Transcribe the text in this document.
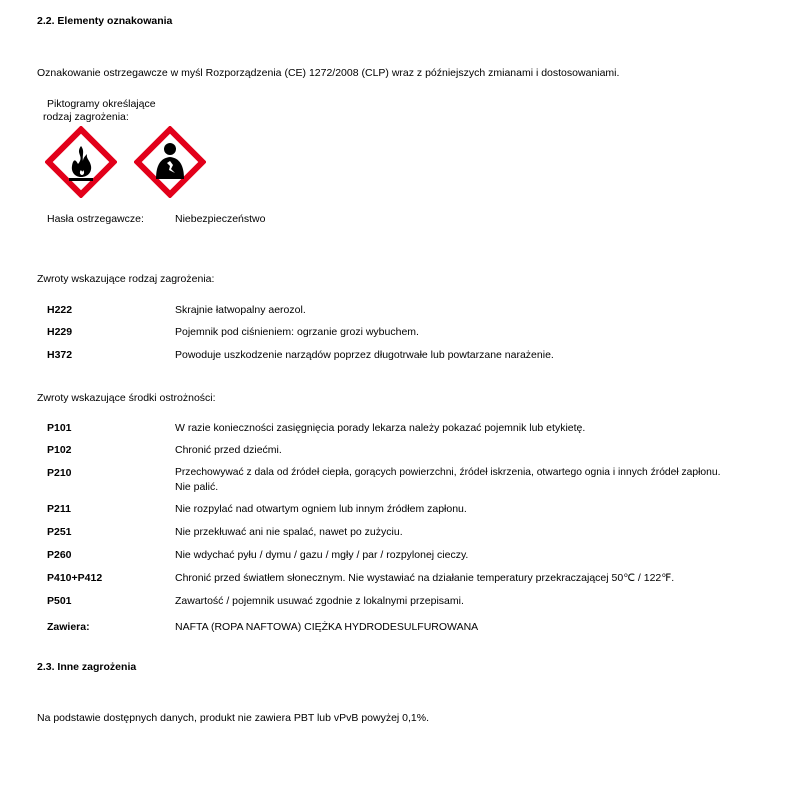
2.2. Elementy oznakowania
Oznakowanie ostrzegawcze w myśl Rozporządzenia (CE) 1272/2008 (CLP) wraz z późniejszych zmianami i dostosowaniami.
Piktogramy określające
rodzaj zagrożenia:
Hasła ostrzegawcze:	Niebezpieczeństwo
Zwroty wskazujące rodzaj zagrożenia:
H222	Skrajnie łatwopalny aerozol.
H229	Pojemnik pod ciśnieniem: ogrzanie grozi wybuchem.
H372	Powoduje uszkodzenie narządów poprzez długotrwałe lub powtarzane narażenie.
Zwroty wskazujące środki ostrożności:
P101	W razie konieczności zasięgnięcia porady lekarza należy pokazać pojemnik lub etykietę.
P102	Chronić przed dziećmi.
P210	Przechowywać z dala od źródeł ciepła, gorących powierzchni, źródeł iskrzenia, otwartego ognia i innych źródeł zapłonu.
Nie palić.
P211	Nie rozpylać nad otwartym ogniem lub innym źródłem zapłonu.
P251	Nie przekłuwać ani nie spalać, nawet po zużyciu.
P260	Nie wdychać pyłu / dymu / gazu / mgły / par / rozpylonej cieczy.
P410+P412	Chronić przed światłem słonecznym. Nie wystawiać na działanie temperatury przekraczającej 50℃ / 122℉.
P501	Zawartość / pojemnik usuwać zgodnie z lokalnymi przepisami.
Zawiera:	NAFTA (ROPA NAFTOWA) CIĘŻKA HYDRODESULFUROWANA
2.3. Inne zagrożenia
Na podstawie dostępnych danych, produkt nie zawiera PBT lub vPvB powyżej 0,1%.
